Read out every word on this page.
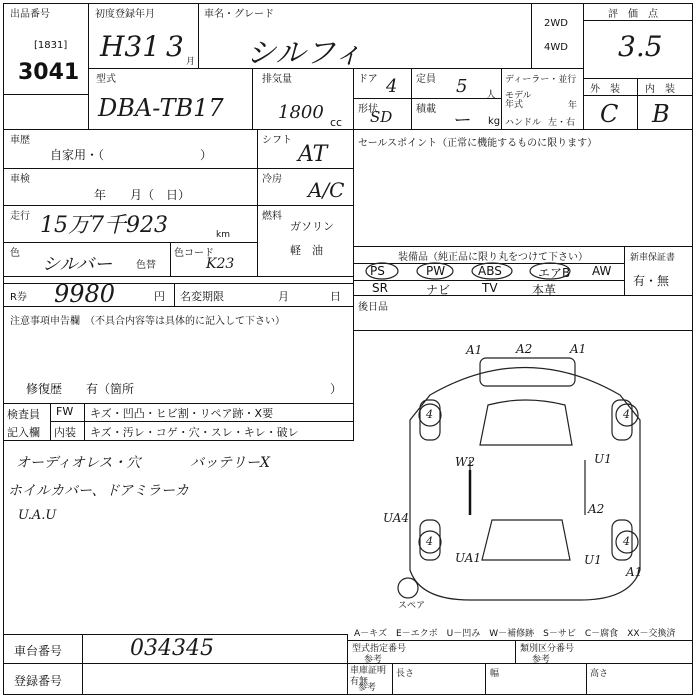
出品番号
[1831]
3041
初度登録年月
H31 3 月
車名・グレード
シルフィ
2WD
4WD
評　価　点
3.5
型式
DBA-TB17
排気量
1800 cc
ドア 4 定員 5 人
形状
SD 積載
ー kg
ディーラー・並行
モデル年式	年
ハンドル 左・右
外　装	内　装
C B
車歴
自家用・（　　　　　　　　）
シフト
AT	セールスポイント（正常に機能するものに限ります）
車検
年　　月（　日）
冷房 A/C
走行 15万7千923	km
燃料
ガソリン
軽　油
色
シルバー 色替
色コード
K23	装備品（純正品に限り丸をつけて下さい）
PS	PW	ABS	エアB AW
SR	ナビ	TV	本革
新車保証書
有・無
後日品
R券 9980	円 名変期限	月	日
注意事項申告欄　（不具合内容等は具体的に記入して下さい）
修復歴　　有（箇所	）
検査員
記入欄
FW キズ・凹凸・ヒビ割・リペア跡・X要
内装 キズ・汚レ・コゲ・穴・スレ・キレ・破レ
オーディオレス・穴	バッテリーX
ホイルカバー、ドアミラーカ
U.A.U
A1	A2	A1
W2	U1
UA4
A2
UA1	U1
A1
4	4
4	4
スペア
A－キズ　E－エクボ　U－凹み　W－補修跡　S－サビ　C－腐食　XX－交換済
車台番号	034345
登録番号
型式指定番号
参考
類別区分番号
参考
車庫証明有無
参考
長さ	幅	高さ
